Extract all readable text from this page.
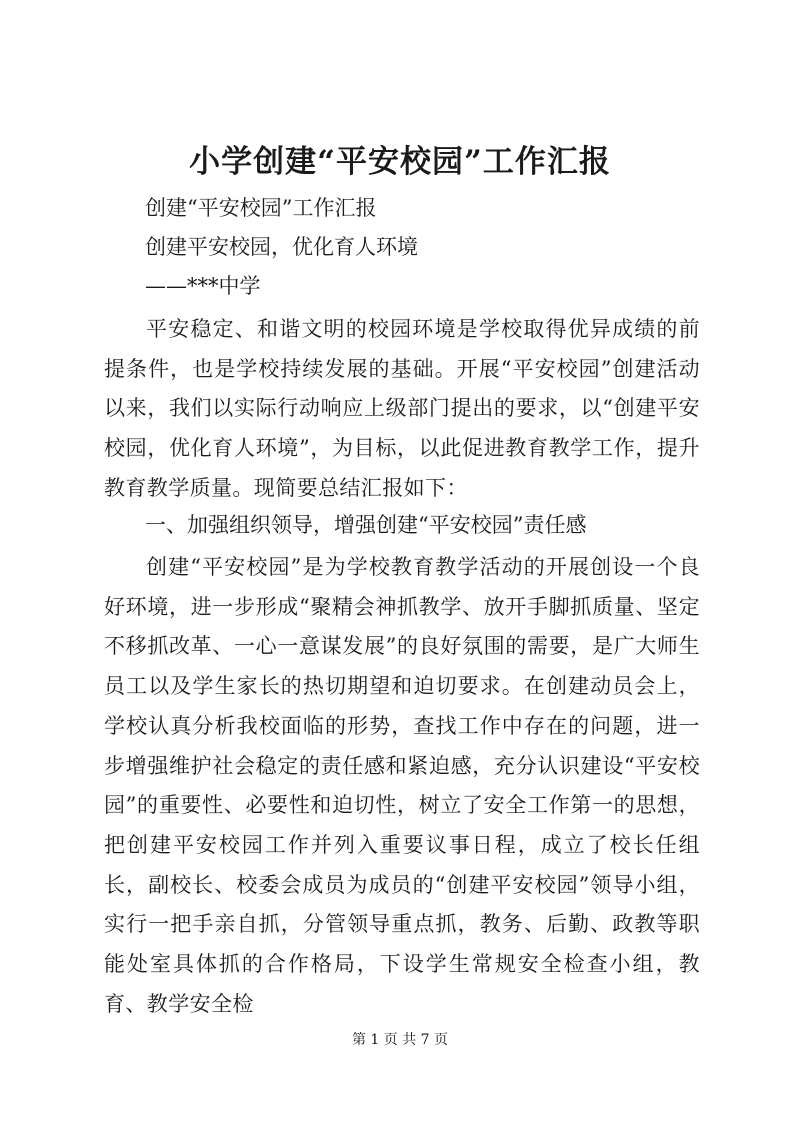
小学创建“平安校园”工作汇报
创建“平安校园”工作汇报
创建平安校园，优化育人环境
——***中学
平安稳定、和谐文明的校园环境是学校取得优异成绩的前提条件，也是学校持续发展的基础。开展“平安校园”创建活动以来，我们以实际行动响应上级部门提出的要求，以“创建平安校园，优化育人环境”，为目标，以此促进教育教学工作，提升教育教学质量。现简要总结汇报如下：
一、加强组织领导，增强创建“平安校园”责任感
创建“平安校园”是为学校教育教学活动的开展创设一个良好环境，进一步形成“聚精会神抓教学、放开手脚抓质量、坚定不移抓改革、一心一意谋发展”的良好氛围的需要，是广大师生员工以及学生家长的热切期望和迫切要求。在创建动员会上，学校认真分析我校面临的形势，查找工作中存在的问题，进一步增强维护社会稳定的责任感和紧迫感，充分认识建设“平安校园”的重要性、必要性和迫切性，树立了安全工作第一的思想，把创建平安校园工作并列入重要议事日程，成立了校长任组长，副校长、校委会成员为成员的“创建平安校园”领导小组，实行一把手亲自抓，分管领导重点抓，教务、后勤、政教等职能处室具体抓的合作格局，下设学生常规安全检查小组，教育、教学安全检
第 1 页 共 7 页
